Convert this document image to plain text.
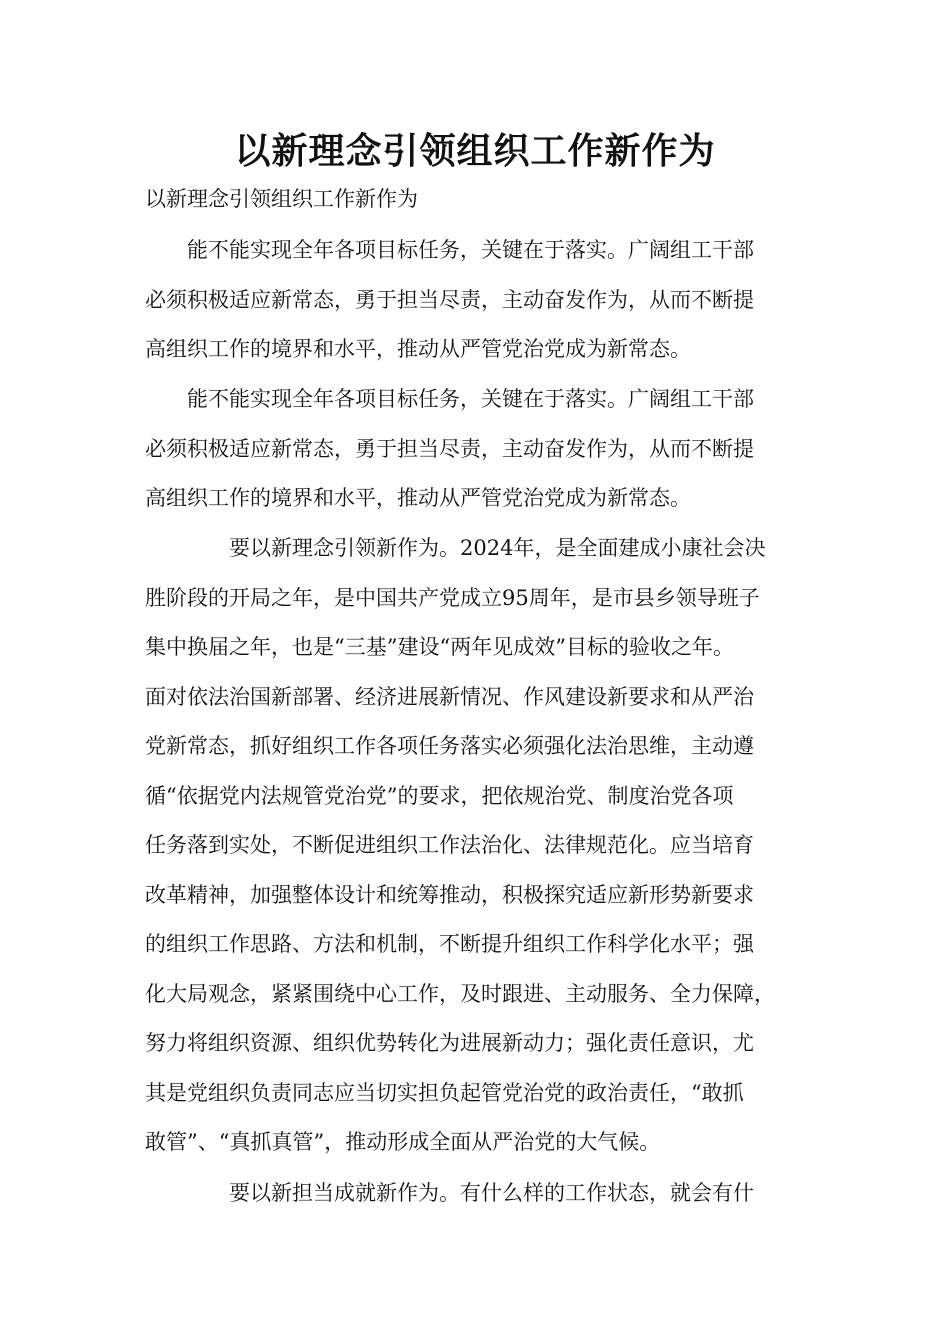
以新理念引领组织工作新作为

以新理念引领组织工作新作为

　　能不能实现全年各项目标任务，关键在于落实。广阔组工干部
必须积极适应新常态，勇于担当尽责，主动奋发作为，从而不断提
高组织工作的境界和水平，推动从严管党治党成为新常态。
　　能不能实现全年各项目标任务，关键在于落实。广阔组工干部
必须积极适应新常态，勇于担当尽责，主动奋发作为，从而不断提
高组织工作的境界和水平，推动从严管党治党成为新常态。
　　　　要以新理念引领新作为。2024年，是全面建成小康社会决
胜阶段的开局之年，是中国共产党成立95周年，是市县乡领导班子
集中换届之年，也是“三基”建设“两年见成效”目标的验收之年。
面对依法治国新部署、经济进展新情况、作风建设新要求和从严治
党新常态，抓好组织工作各项任务落实必须强化法治思维，主动遵
循“依据党内法规管党治党”的要求，把依规治党、制度治党各项
任务落到实处，不断促进组织工作法治化、法律规范化。应当培育
改革精神，加强整体设计和统筹推动，积极探究适应新形势新要求
的组织工作思路、方法和机制，不断提升组织工作科学化水平；强
化大局观念，紧紧围绕中心工作，及时跟进、主动服务、全力保障，
努力将组织资源、组织优势转化为进展新动力；强化责任意识，尤
其是党组织负责同志应当切实担负起管党治党的政治责任，“敢抓
敢管”、“真抓真管”，推动形成全面从严治党的大气候。
　　　　要以新担当成就新作为。有什么样的工作状态，就会有什
